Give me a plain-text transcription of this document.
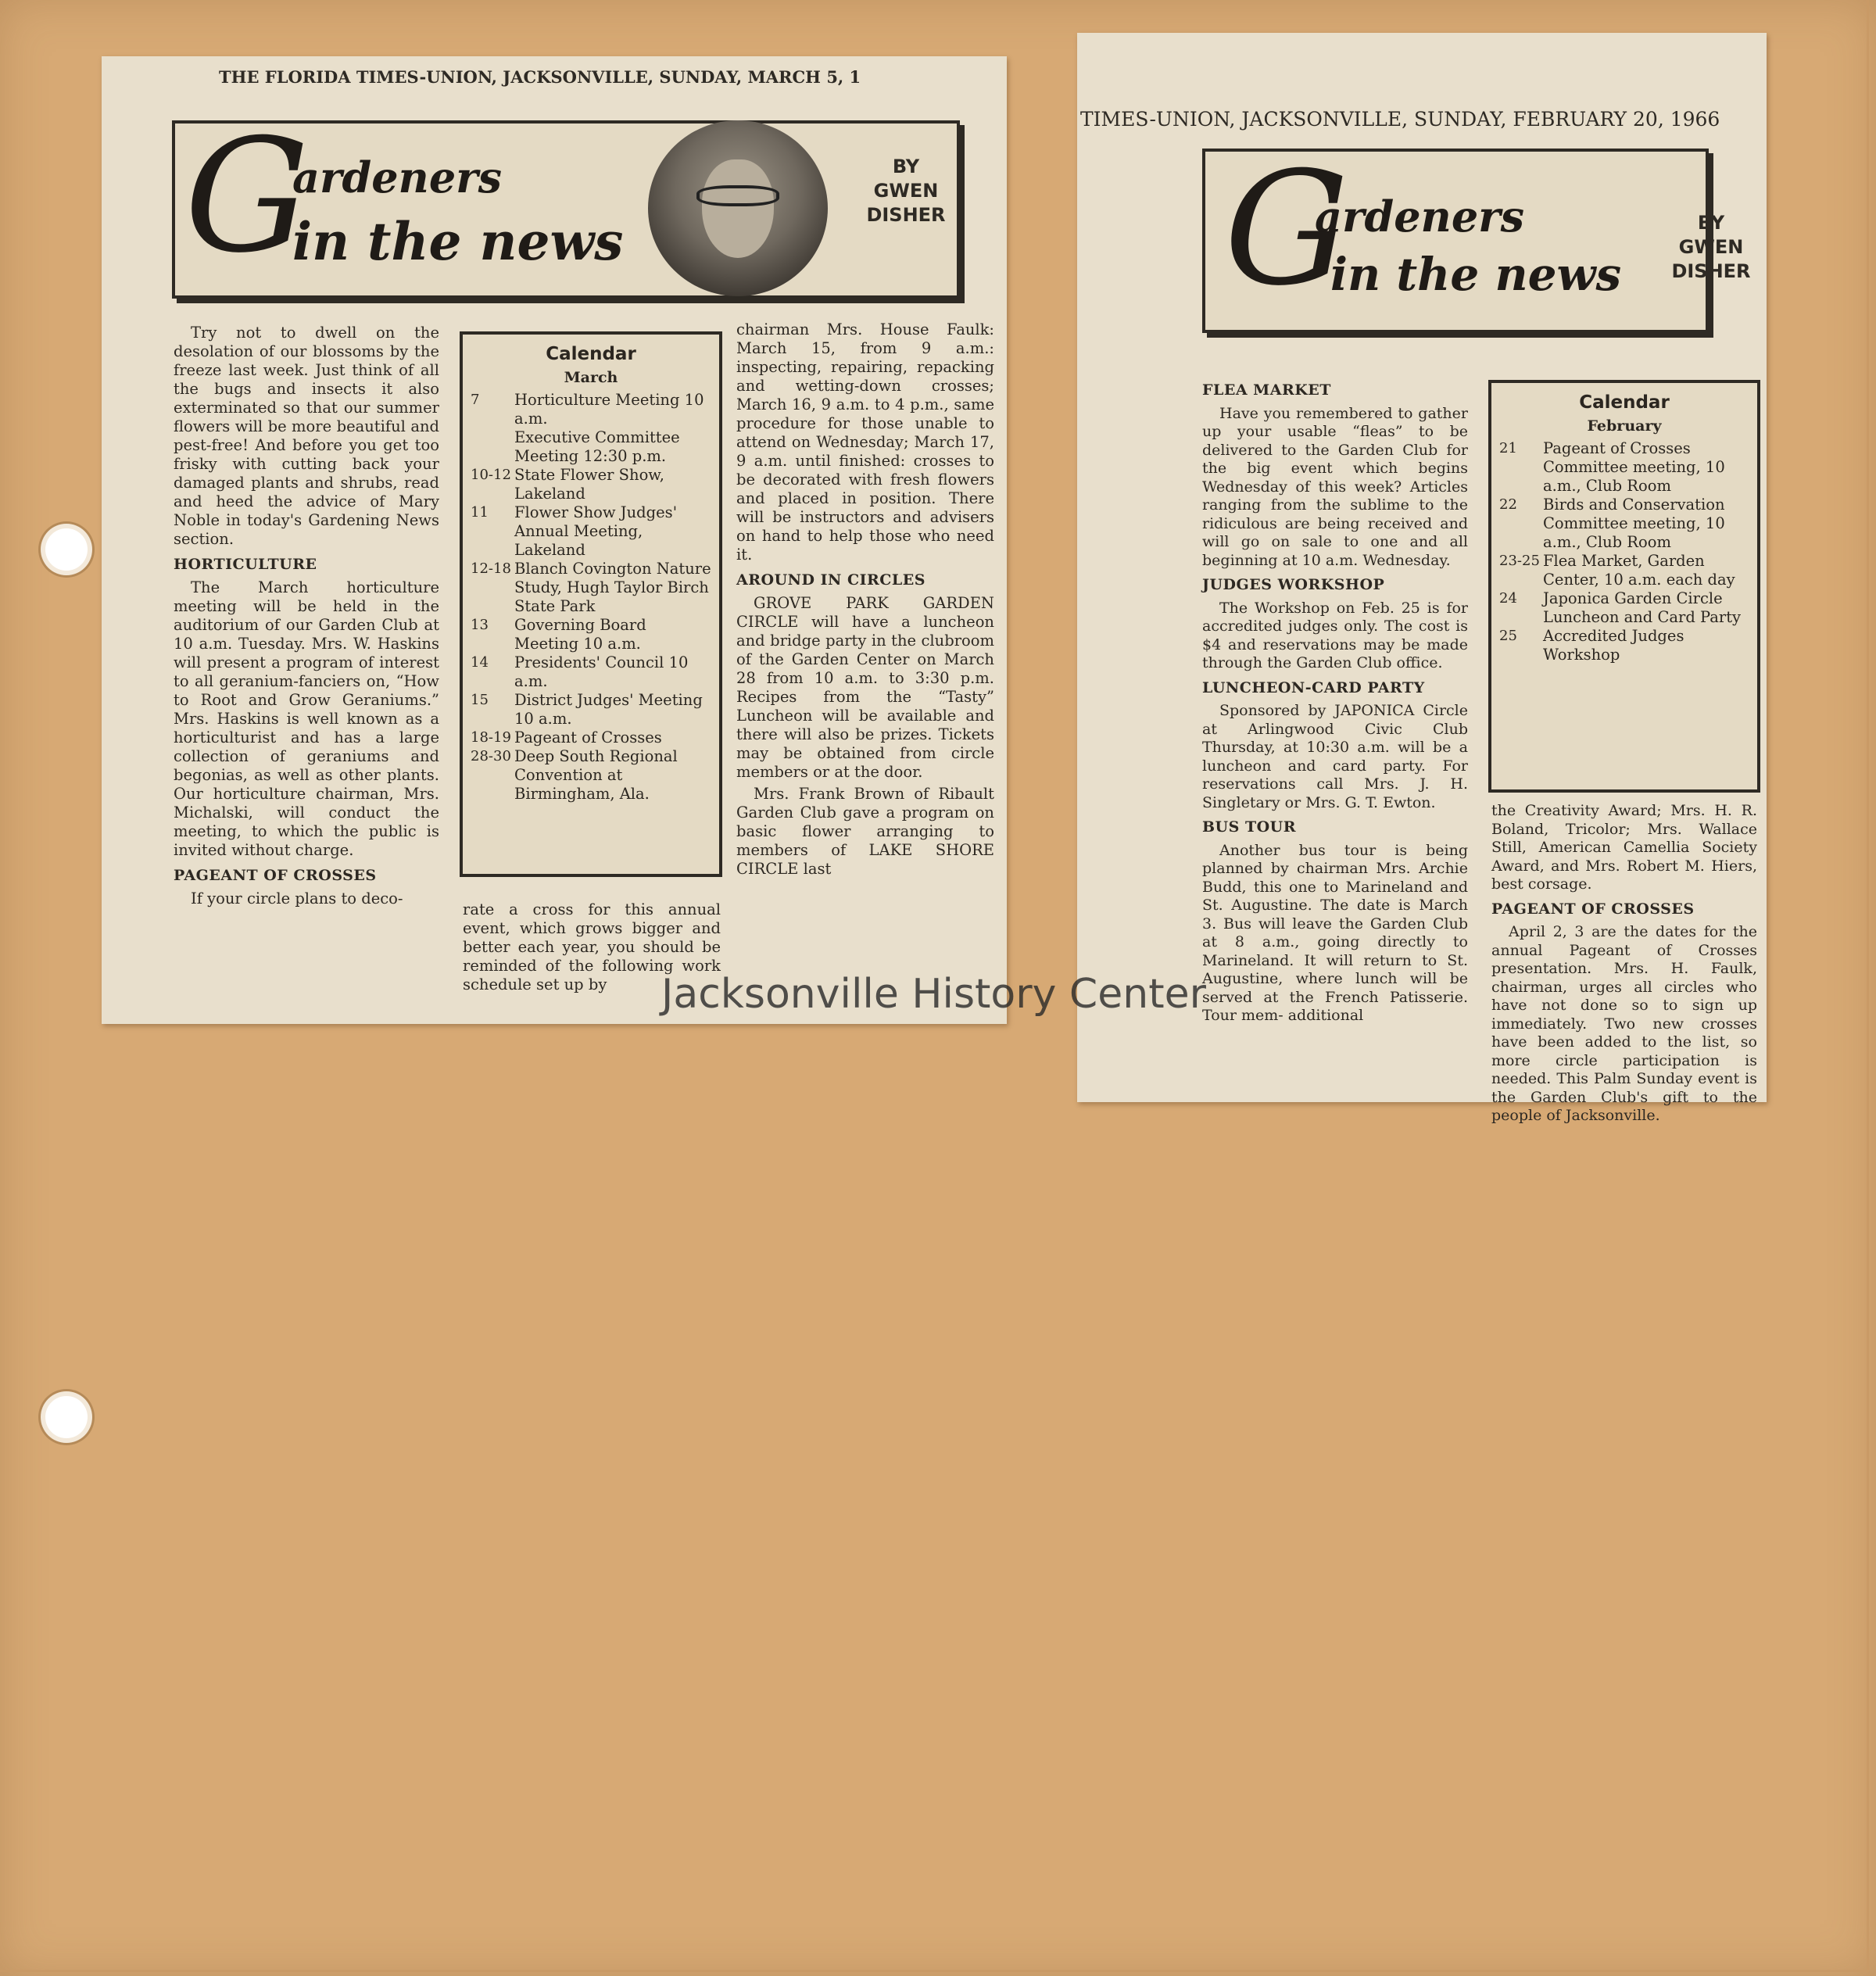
THE FLORIDA TIMES-UNION, JACKSONVILLE, SUNDAY, MARCH 5, 1
G
ardeners
in the news
BY
GWEN
DISHER

Try not to dwell on the desolation of our blossoms by the freeze last week. Just think of all the bugs and insects it also exterminated so that our summer flowers will be more beautiful and pest-free! And before you get too frisky with cutting back your damaged plants and shrubs, read and heed the advice of Mary Noble in today's Gardening News section.

HORTICULTURE

The March horticulture meeting will be held in the auditorium of our Garden Club at 10 a.m. Tuesday. Mrs. W. Haskins will present a program of interest to all geranium-fanciers on, “How to Root and Grow Geraniums.” Mrs. Haskins is well known as a horticulturist and has a large collection of geraniums and begonias, as well as other plants. Our horticulture chairman, Mrs. Michalski, will conduct the meeting, to which the public is invited without charge.

PAGEANT OF CROSSES

If your circle plans to deco-

Calendar
March
7	Horticulture Meeting 10 a.m.
Executive Committee Meeting 12:30 p.m.
10-12 State Flower Show, Lakeland
11	Flower Show Judges' Annual Meeting, Lakeland
12-18 Blanch Covington Nature Study, Hugh Taylor Birch State Park
13	Governing Board Meeting 10 a.m.
14	Presidents' Council 10 a.m.
15	District Judges' Meeting 10 a.m.
18-19 Pageant of Crosses
28-30 Deep South Regional Convention at Birmingham, Ala.

rate a cross for this annual event, which grows bigger and better each year, you should be reminded of the following work schedule set up by

chairman Mrs. House Faulk: March 15, from 9 a.m.: inspecting, repairing, repacking and wetting-down crosses; March 16, 9 a.m. to 4 p.m., same procedure for those unable to attend on Wednesday; March 17, 9 a.m. until finished: crosses to be decorated with fresh flowers and placed in position. There will be instructors and advisers on hand to help those who need it.

AROUND IN CIRCLES

GROVE PARK GARDEN CIRCLE will have a luncheon and bridge party in the clubroom of the Garden Center on March 28 from 10 a.m. to 3:30 p.m. Recipes from the “Tasty” Luncheon will be available and there will also be prizes. Tickets may be obtained from circle members or at the door.

Mrs. Frank Brown of Ribault Garden Club gave a program on basic flower arranging to members of LAKE SHORE CIRCLE last

TIMES-UNION, JACKSONVILLE, SUNDAY, FEBRUARY 20, 1966
G
ardeners
in the news
BY
GWEN
DISHER
FLEA MARKET

Have you remembered to gather up your usable “fleas” to be delivered to the Garden Club for the big event which begins Wednesday of this week? Articles ranging from the sublime to the ridiculous are being received and will go on sale to one and all beginning at 10 a.m. Wednesday.

JUDGES WORKSHOP

The Workshop on Feb. 25 is for accredited judges only. The cost is $4 and reservations may be made through the Garden Club office.

LUNCHEON-CARD PARTY

Sponsored by JAPONICA Circle at Arlingwood Civic Club Thursday, at 10:30 a.m. will be a luncheon and card party. For reservations call Mrs. J. H. Singletary or Mrs. G. T. Ewton.

BUS TOUR

Another bus tour is being planned by chairman Mrs. Archie Budd, this one to Marineland and St. Augustine. The date is March 3. Bus will leave the Garden Club at 8 a.m., going directly to Marineland. It will return to St. Augustine, where lunch will be served at the French Patisserie. Tour mem- additional

Calendar
February
21	Pageant of Crosses Committee meeting, 10 a.m., Club Room
22	Birds and Conservation Committee meeting, 10 a.m., Club Room
23-25 Flea Market, Garden Center, 10 a.m. each day
24	Japonica Garden Circle Luncheon and Card Party
25	Accredited Judges Workshop

the Creativity Award; Mrs. H. R. Boland, Tricolor; Mrs. Wallace Still, American Camellia Society Award, and Mrs. Robert M. Hiers, best corsage.

PAGEANT OF CROSSES

April 2, 3 are the dates for the annual Pageant of Crosses presentation. Mrs. H. Faulk, chairman, urges all circles who have not done so to sign up immediately. Two new crosses have been added to the list, so more circle participation is needed. This Palm Sunday event is the Garden Club's gift to the people of Jacksonville.

Jacksonville History Center
